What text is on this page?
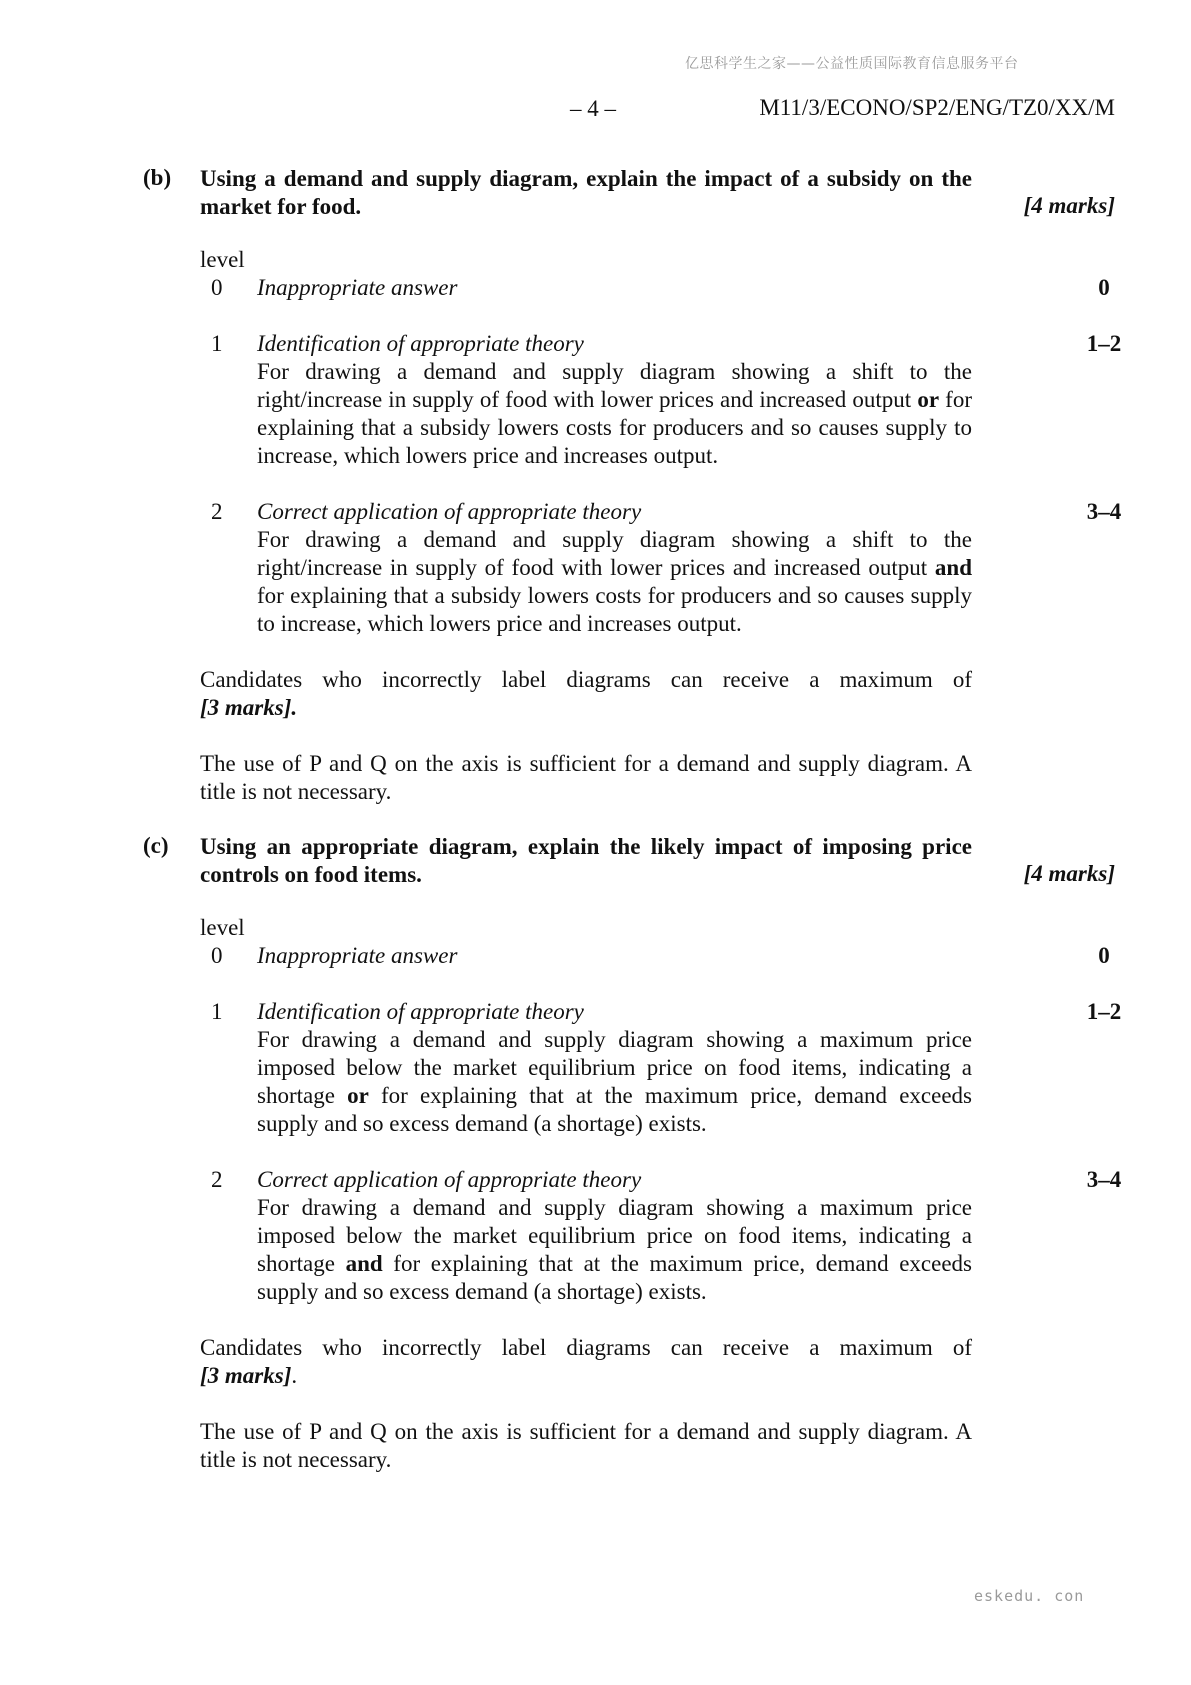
亿思科学生之家——公益性质国际教育信息服务平台
– 4 –	M11/3/ECONO/SP2/ENG/TZ0/XX/M
(b) Using a demand and supply diagram, explain the impact of a subsidy on the market for food.	[4 marks]
level
0 Inappropriate answer	0
1 Identification of appropriate theory	1–2
For drawing a demand and supply diagram showing a shift to the right/increase in supply of food with lower prices and increased output or for explaining that a subsidy lowers costs for producers and so causes supply to increase, which lowers price and increases output.
2 Correct application of appropriate theory	3–4
For drawing a demand and supply diagram showing a shift to the right/increase in supply of food with lower prices and increased output and for explaining that a subsidy lowers costs for producers and so causes supply to increase, which lowers price and increases output.
Candidates who incorrectly label diagrams can receive a maximum of
[3 marks].
The use of P and Q on the axis is sufficient for a demand and supply diagram. A title is not necessary.
(c) Using an appropriate diagram, explain the likely impact of imposing price controls on food items.	[4 marks]
level
0 Inappropriate answer	0
1 Identification of appropriate theory	1–2
For drawing a demand and supply diagram showing a maximum price imposed below the market equilibrium price on food items, indicating a shortage or for explaining that at the maximum price, demand exceeds supply and so excess demand (a shortage) exists.
2 Correct application of appropriate theory	3–4
For drawing a demand and supply diagram showing a maximum price imposed below the market equilibrium price on food items, indicating a shortage and for explaining that at the maximum price, demand exceeds supply and so excess demand (a shortage) exists.
Candidates who incorrectly label diagrams can receive a maximum of
[3 marks].
The use of P and Q on the axis is sufficient for a demand and supply diagram. A title is not necessary.
eskedu. con
